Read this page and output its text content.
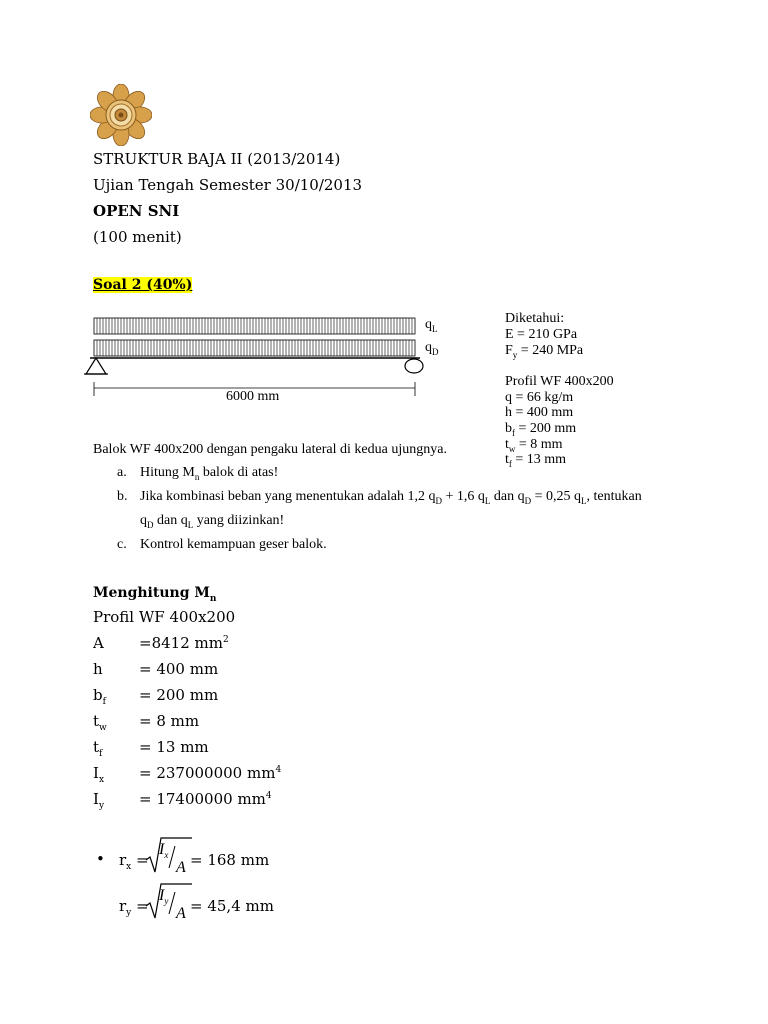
STRUKTUR BAJA II (2013/2014)
Ujian Tengah Semester 30/10/2013
OPEN SNI
(100 menit)
Soal 2 (40%)
$q_L$
$q_D$
6000 mm
Diketahui:
E = 210 GPa
$F_y = 240$ MPa
Profil WF 400x200
q = 66 kg/m
h = 400 mm
$b_f = 200$ mm
$t_w = 8$ mm
$t_f = 13$ mm
Balok WF 400x200 dengan pengaku lateral di kedua ujungnya.
a. Hitung $M_n$ balok di atas!
b. Jika kombinasi beban yang menentukan adalah 1,2 $q_D + 1,6$ $q_L$ dan $q_D = 0,25$ $q_L$, tentukan
$q_D$ dan $q_L$ yang diizinkan!
c. Kontrol kemampuan geser balok.
Menghitung $M_n$
Profil WF 400x200
A =8412 $mm^2$
h = 400 mm
$b_f = 200$ mm
$t_w = 8$ mm
$t_f = 13$ mm
$I_x = 237000000$ $mm^4$
$I_y = 17400000$ $mm^4$
• $r_x$ =
$I_x$
A = 168 mm
$r_y$ =
$I_y$
A = 45,4 mm
